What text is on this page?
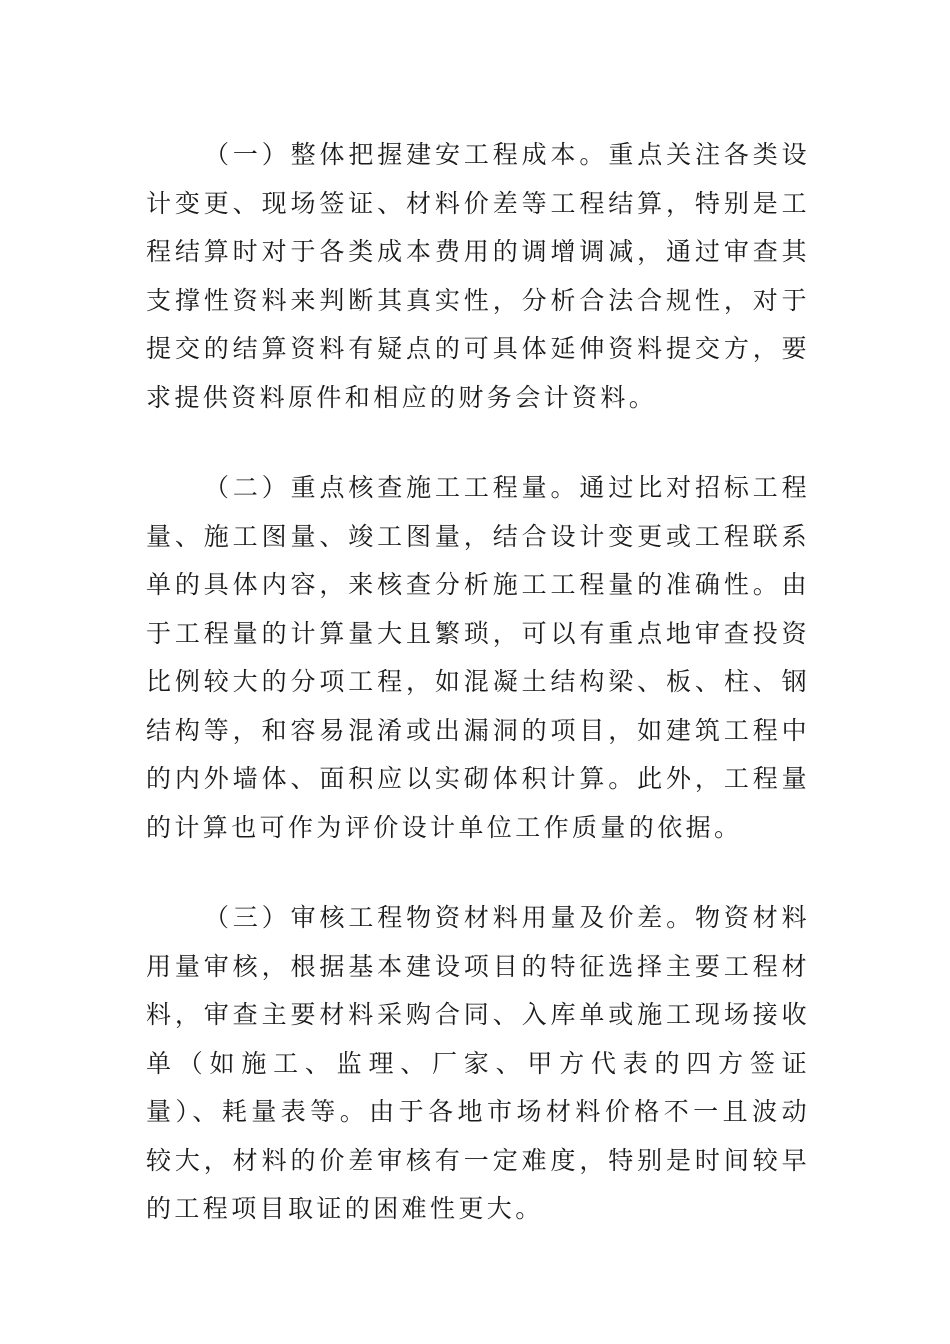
（一）整体把握建安工程成本。重点关注各类设计变更、现场签证、材料价差等工程结算，特别是工程结算时对于各类成本费用的调增调减，通过审查其支撑性资料来判断其真实性，分析合法合规性，对于提交的结算资料有疑点的可具体延伸资料提交方，要求提供资料原件和相应的财务会计资料。

（二）重点核查施工工程量。通过比对招标工程量、施工图量、竣工图量，结合设计变更或工程联系单的具体内容，来核查分析施工工程量的准确性。由于工程量的计算量大且繁琐，可以有重点地审查投资比例较大的分项工程，如混凝土结构梁、板、柱、钢结构等，和容易混淆或出漏洞的项目，如建筑工程中的内外墙体、面积应以实砌体积计算。此外，工程量的计算也可作为评价设计单位工作质量的依据。

（三）审核工程物资材料用量及价差。物资材料用量审核，根据基本建设项目的特征选择主要工程材料，审查主要材料采购合同、入库单或施工现场接收单（如施工、监理、厂家、甲方代表的四方签证量）、耗量表等。由于各地市场材料价格不一且波动较大，材料的价差审核有一定难度，特别是时间较早的工程项目取证的困难性更大。
